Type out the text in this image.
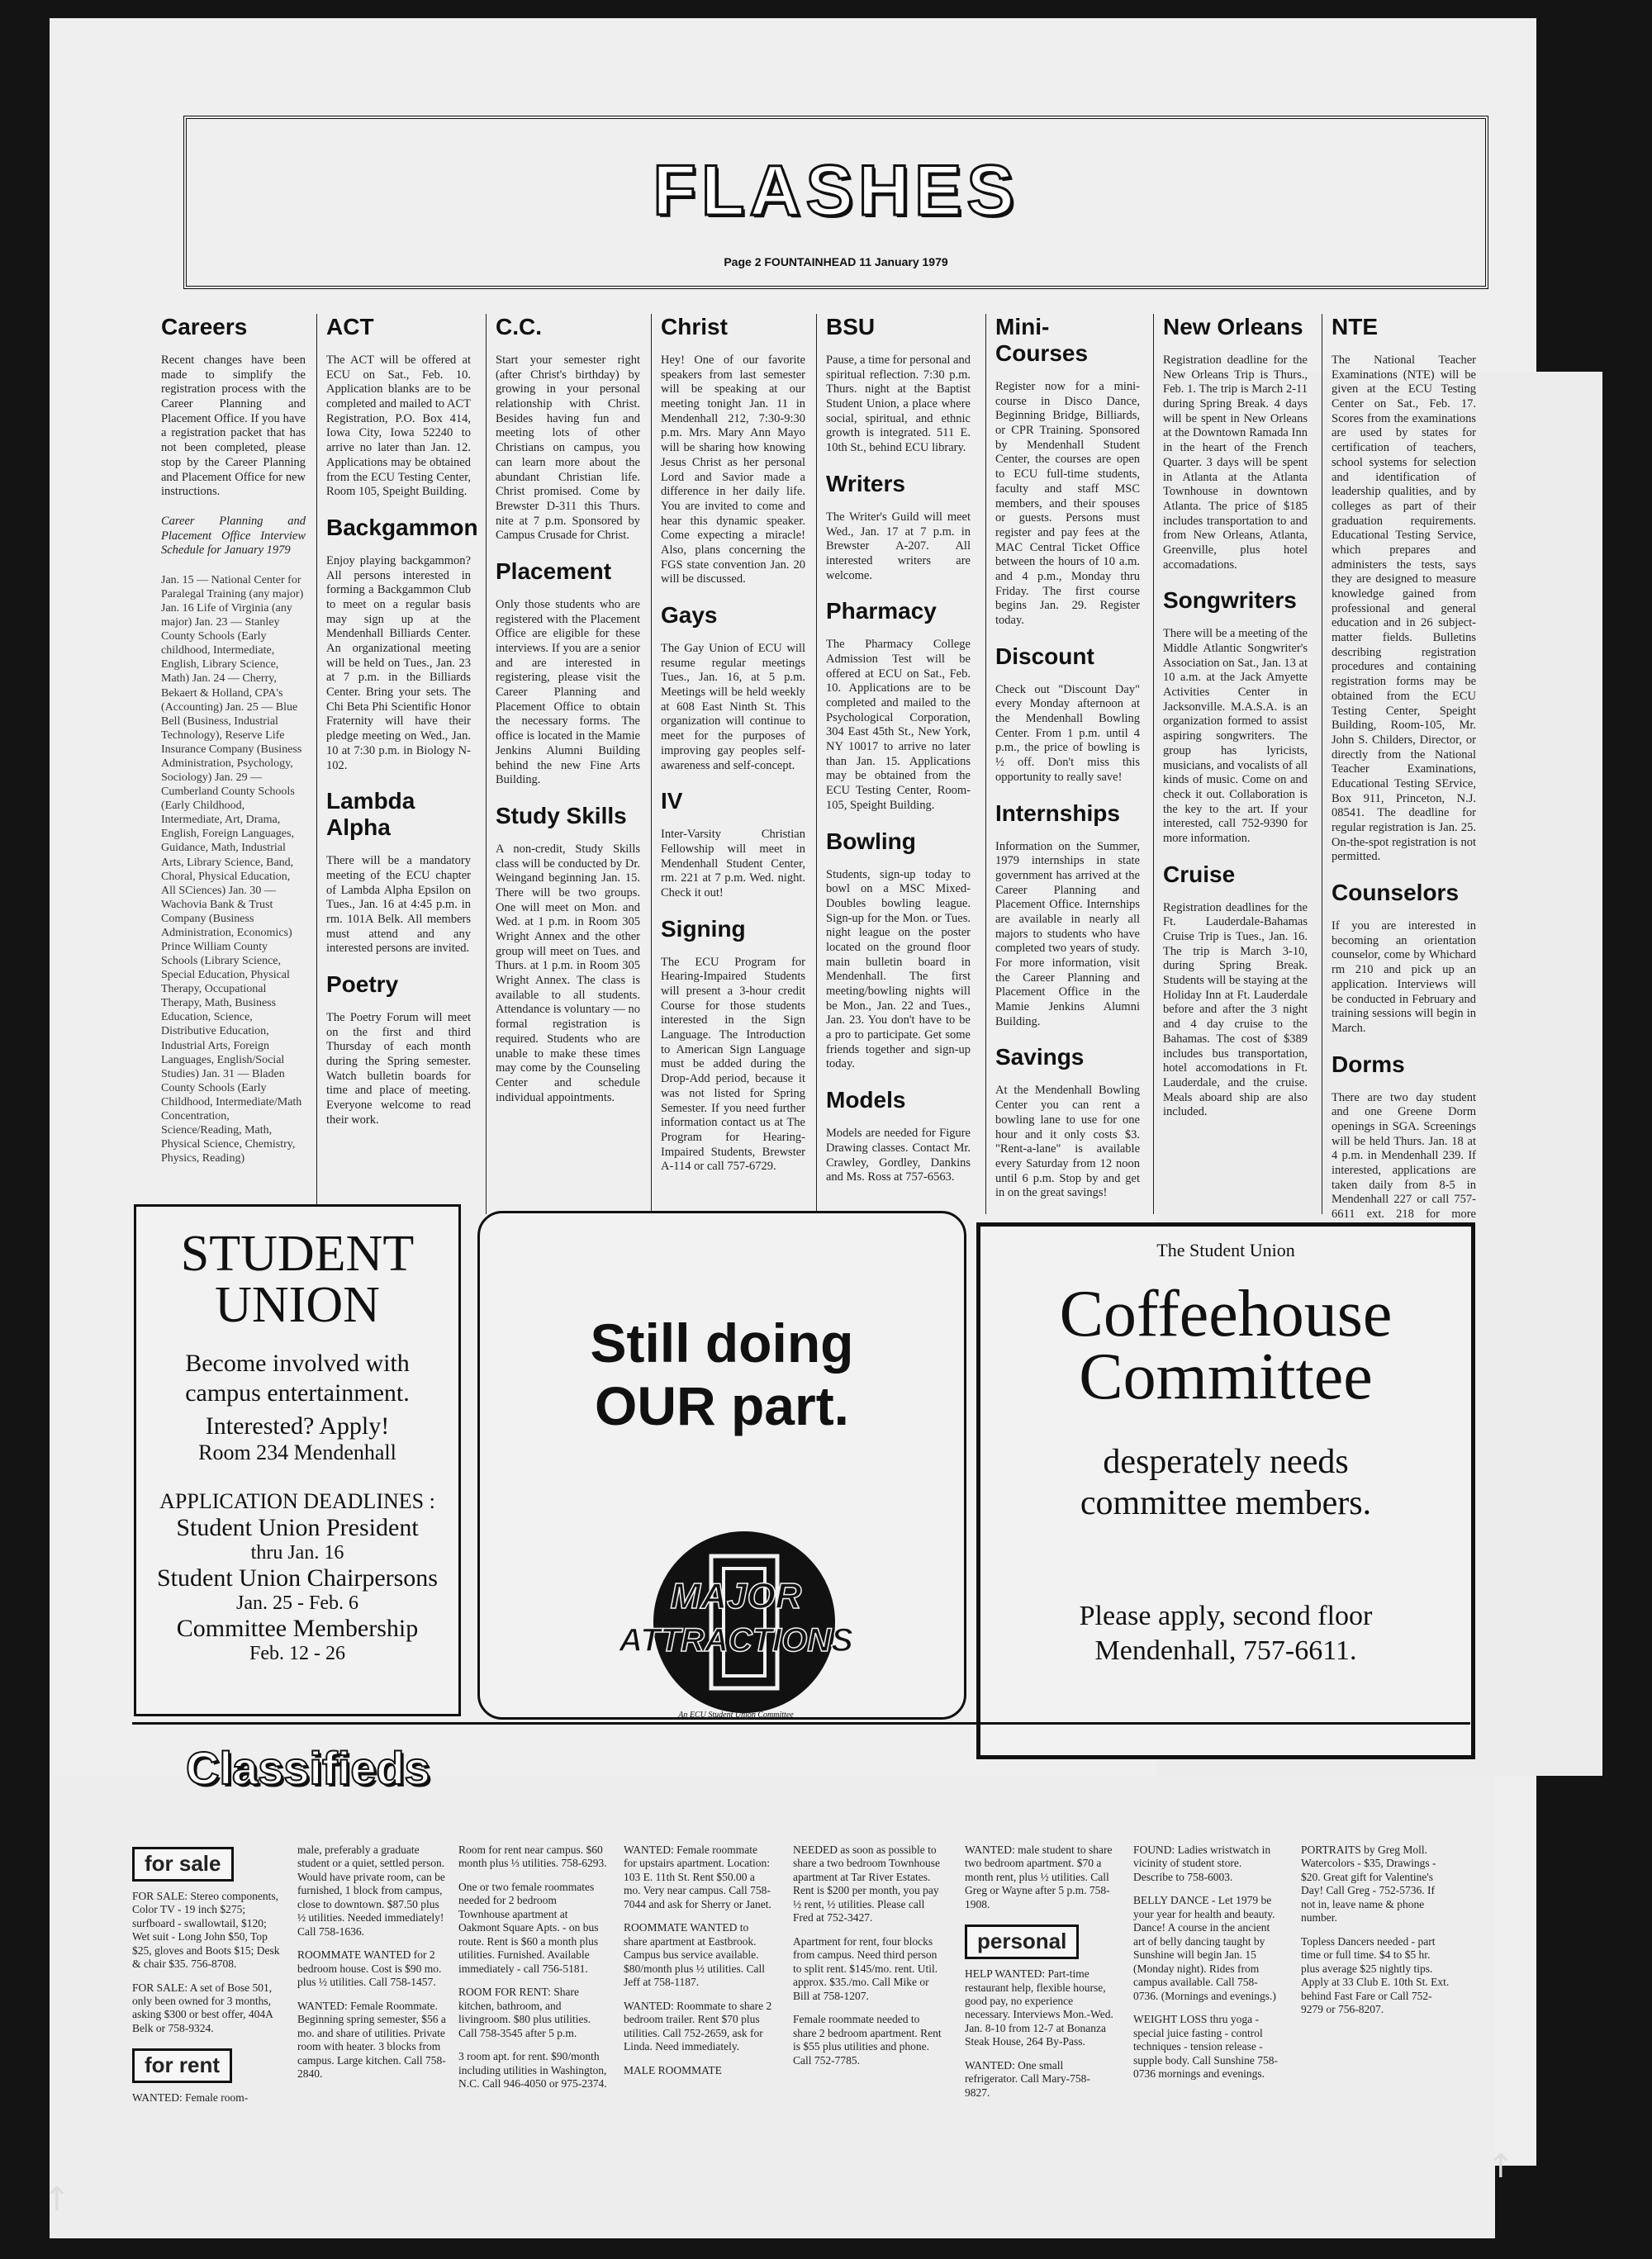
FLASHES
Page 2 FOUNTAINHEAD 11 January 1979
Careers

Recent changes have been made to simplify the registration process with the Career Planning and Placement Office. If you have a registration packet that has not been completed, please stop by the Career Planning and Placement Office for new instructions.

Career Planning and Placement Office Interview Schedule for January 1979

Jan. 15 — National Center for Paralegal Training (any major) Jan. 16 Life of Virginia (any major) Jan. 23 — Stanley County Schools (Early childhood, Intermediate, English, Library Science, Math) Jan. 24 — Cherry, Bekaert & Holland, CPA's (Accounting) Jan. 25 — Blue Bell (Business, Industrial Technology), Reserve Life Insurance Company (Business Administration, Psychology, Sociology) Jan. 29 — Cumberland County Schools (Early Childhood, Intermediate, Art, Drama, English, Foreign Languages, Guidance, Math, Industrial Arts, Library Science, Band, Choral, Physical Education, All SCiences) Jan. 30 — Wachovia Bank & Trust Company (Business Administration, Economics) Prince William County Schools (Library Science, Special Education, Physical Therapy, Occupational Therapy, Math, Business Education, Science, Distributive Education, Industrial Arts, Foreign Languages, English/Social Studies) Jan. 31 — Bladen County Schools (Early Childhood, Intermediate/Math Concentration, Science/Reading, Math, Physical Science, Chemistry, Physics, Reading)

ACT

The ACT will be offered at ECU on Sat., Feb. 10. Application blanks are to be completed and mailed to ACT Registration, P.O. Box 414, Iowa City, Iowa 52240 to arrive no later than Jan. 12. Applications may be obtained from the ECU Testing Center, Room 105, Speight Building.

Backgammon

Enjoy playing backgammon? All persons interested in forming a Backgammon Club to meet on a regular basis may sign up at the Mendenhall Billiards Center. An organizational meeting will be held on Tues., Jan. 23 at 7 p.m. in the Billiards Center. Bring your sets. The Chi Beta Phi Scientific Honor Fraternity will have their pledge meeting on Wed., Jan. 10 at 7:30 p.m. in Biology N-102.

Lambda Alpha

There will be a mandatory meeting of the ECU chapter of Lambda Alpha Epsilon on Tues., Jan. 16 at 4:45 p.m. in rm. 101A Belk. All members must attend and any interested persons are invited.

Poetry

The Poetry Forum will meet on the first and third Thursday of each month during the Spring semester. Watch bulletin boards for time and place of meeting. Everyone welcome to read their work.

C.C.

Start your semester right (after Christ's birthday) by growing in your personal relationship with Christ. Besides having fun and meeting lots of other Christians on campus, you can learn more about the abundant Christian life. Christ promised. Come by Brewster D-311 this Thurs. nite at 7 p.m. Sponsored by Campus Crusade for Christ.

Placement

Only those students who are registered with the Placement Office are eligible for these interviews. If you are a senior and are interested in registering, please visit the Career Planning and Placement Office to obtain the necessary forms. The office is located in the Mamie Jenkins Alumni Building behind the new Fine Arts Building.

Study Skills

A non-credit, Study Skills class will be conducted by Dr. Weingand beginning Jan. 15. There will be two groups. One will meet on Mon. and Wed. at 1 p.m. in Room 305 Wright Annex and the other group will meet on Tues. and Thurs. at 1 p.m. in Room 305 Wright Annex. The class is available to all students. Attendance is voluntary — no formal registration is required. Students who are unable to make these times may come by the Counseling Center and schedule individual appointments.

Christ

Hey! One of our favorite speakers from last semester will be speaking at our meeting tonight Jan. 11 in Mendenhall 212, 7:30-9:30 p.m. Mrs. Mary Ann Mayo will be sharing how knowing Jesus Christ as her personal Lord and Savior made a difference in her daily life. You are invited to come and hear this dynamic speaker. Come expecting a miracle! Also, plans concerning the FGS state convention Jan. 20 will be discussed.

Gays

The Gay Union of ECU will resume regular meetings Tues., Jan. 16, at 5 p.m. Meetings will be held weekly at 608 East Ninth St. This organization will continue to meet for the purposes of improving gay peoples self-awareness and self-concept.

IV

Inter-Varsity Christian Fellowship will meet in Mendenhall Student Center, rm. 221 at 7 p.m. Wed. night. Check it out!

Signing

The ECU Program for Hearing-Impaired Students will present a 3-hour credit Course for those students interested in the Sign Language. The Introduction to American Sign Language must be added during the Drop-Add period, because it was not listed for Spring Semester. If you need further information contact us at The Program for Hearing-Impaired Students, Brewster A-114 or call 757-6729.

BSU

Pause, a time for personal and spiritual reflection. 7:30 p.m. Thurs. night at the Baptist Student Union, a place where social, spiritual, and ethnic growth is integrated. 511 E. 10th St., behind ECU library.

Writers

The Writer's Guild will meet Wed., Jan. 17 at 7 p.m. in Brewster A-207. All interested writers are welcome.

Pharmacy

The Pharmacy College Admission Test will be offered at ECU on Sat., Feb. 10. Applications are to be completed and mailed to the Psychological Corporation, 304 East 45th St., New York, NY 10017 to arrive no later than Jan. 15. Applications may be obtained from the ECU Testing Center, Room-105, Speight Building.

Bowling

Students, sign-up today to bowl on a MSC Mixed-Doubles bowling league. Sign-up for the Mon. or Tues. night league on the poster located on the ground floor main bulletin board in Mendenhall. The first meeting/bowling nights will be Mon., Jan. 22 and Tues., Jan. 23. You don't have to be a pro to participate. Get some friends together and sign-up today.

Models

Models are needed for Figure Drawing classes. Contact Mr. Crawley, Gordley, Dankins and Ms. Ross at 757-6563.

Mini-Courses

Register now for a mini-course in Disco Dance, Beginning Bridge, Billiards, or CPR Training. Sponsored by Mendenhall Student Center, the courses are open to ECU full-time students, faculty and staff MSC members, and their spouses or guests. Persons must register and pay fees at the MAC Central Ticket Office between the hours of 10 a.m. and 4 p.m., Monday thru Friday. The first course begins Jan. 29. Register today.

Discount

Check out "Discount Day" every Monday afternoon at the Mendenhall Bowling Center. From 1 p.m. until 4 p.m., the price of bowling is ½ off. Don't miss this opportunity to really save!

Internships

Information on the Summer, 1979 internships in state government has arrived at the Career Planning and Placement Office. Internships are available in nearly all majors to students who have completed two years of study. For more information, visit the Career Planning and Placement Office in the Mamie Jenkins Alumni Building.

Savings

At the Mendenhall Bowling Center you can rent a bowling lane to use for one hour and it only costs $3. "Rent-a-lane" is available every Saturday from 12 noon until 6 p.m. Stop by and get in on the great savings!

New Orleans

Registration deadline for the New Orleans Trip is Thurs., Feb. 1. The trip is March 2-11 during Spring Break. 4 days will be spent in New Orleans at the Downtown Ramada Inn in the heart of the French Quarter. 3 days will be spent in Atlanta at the Atlanta Townhouse in downtown Atlanta. The price of $185 includes transportation to and from New Orleans, Atlanta, Greenville, plus hotel accomadations.

Songwriters

There will be a meeting of the Middle Atlantic Songwriter's Association on Sat., Jan. 13 at 10 a.m. at the Jack Amyette Activities Center in Jacksonville. M.A.S.A. is an organization formed to assist aspiring songwriters. The group has lyricists, musicians, and vocalists of all kinds of music. Come on and check it out. Collaboration is the key to the art. If your interested, call 752-9390 for more information.

Cruise

Registration deadlines for the Ft. Lauderdale-Bahamas Cruise Trip is Tues., Jan. 16. The trip is March 3-10, during Spring Break. Students will be staying at the Holiday Inn at Ft. Lauderdale before and after the 3 night and 4 day cruise to the Bahamas. The cost of $389 includes bus transportation, hotel accomodations in Ft. Lauderdale, and the cruise. Meals aboard ship are also included.

NTE

The National Teacher Examinations (NTE) will be given at the ECU Testing Center on Sat., Feb. 17. Scores from the examinations are used by states for certification of teachers, school systems for selection and identification of leadership qualities, and by colleges as part of their graduation requirements. Educational Testing Service, which prepares and administers the tests, says they are designed to measure knowledge gained from professional and general education and in 26 subject-matter fields. Bulletins describing registration procedures and containing registration forms may be obtained from the ECU Testing Center, Speight Building, Room-105, Mr. John S. Childers, Director, or directly from the National Teacher Examinations, Educational Testing SErvice, Box 911, Princeton, N.J. 08541. The deadline for regular registration is Jan. 25. On-the-spot registration is not permitted.

Counselors

If you are interested in becoming an orientation counselor, come by Whichard rm 210 and pick up an application. Interviews will be conducted in February and training sessions will begin in March.

Dorms

There are two day student and one Greene Dorm openings in SGA. Screenings will be held Thurs. Jan. 18 at 4 p.m. in Mendenhall 239. If interested, applications are taken daily from 8-5 in Mendenhall 227 or call 757-6611 ext. 218 for more

STUDENT
UNION
Become involved with
campus entertainment.
Interested? Apply!
Room 234 Mendenhall
APPLICATION DEADLINES :
Student Union President
thru Jan. 16
Student Union Chairpersons
Jan. 25 - Feb. 6
Committee Membership
Feb. 12 - 26
Still doing
OUR part.
MAJOR
ATTRACTIONS
An ECU Student Union Committee
The Student Union
Coffeehouse
Committee
desperately needs
committee members.
Please apply, second floor
Mendenhall, 757-6611.
Classifieds
for sale

FOR SALE: Stereo components, Color TV - 19 inch $275; surfboard - swallowtail, $120; Wet suit - Long John $50, Top $25, gloves and Boots $15; Desk & chair $35. 756-8708.

FOR SALE: A set of Bose 501, only been owned for 3 months, asking $300 or best offer, 404A Belk or 758-9324.

for rent

WANTED: Female room-

male, preferably a graduate student or a quiet, settled person. Would have private room, can be furnished, 1 block from campus, close to downtown. $87.50 plus ½ utilities. Needed immediately! Call 758-1636.

ROOMMATE WANTED for 2 bedroom house. Cost is $90 mo. plus ½ utilities. Call 758-1457.

WANTED: Female Roommate. Beginning spring semester, $56 a mo. and share of utilities. Private room with heater. 3 blocks from campus. Large kitchen. Call 758-2840.

Room for rent near campus. $60 month plus ⅓ utilities. 758-6293.

One or two female roommates needed for 2 bedroom Townhouse apartment at Oakmont Square Apts. - on bus route. Rent is $60 a month plus utilities. Furnished. Available immediately - call 756-5181.

ROOM FOR RENT: Share kitchen, bathroom, and livingroom. $80 plus utilities. Call 758-3545 after 5 p.m.

3 room apt. for rent. $90/month including utilities in Washington, N.C. Call 946-4050 or 975-2374.

WANTED: Female roommate for upstairs apartment. Location: 103 E. 11th St. Rent $50.00 a mo. Very near campus. Call 758-7044 and ask for Sherry or Janet.

ROOMMATE WANTED to share apartment at Eastbrook. Campus bus service available. $80/month plus ½ utilities. Call Jeff at 758-1187.

WANTED: Roommate to share 2 bedroom trailer. Rent $70 plus utilities. Call 752-2659, ask for Linda. Need immediately.

MALE ROOMMATE

NEEDED as soon as possible to share a two bedroom Townhouse apartment at Tar River Estates. Rent is $200 per month, you pay ½ rent, ½ utilities. Please call Fred at 752-3427.

Apartment for rent, four blocks from campus. Need third person to split rent. $145/mo. rent. Util. approx. $35./mo. Call Mike or Bill at 758-1207.

Female roommate needed to share 2 bedroom apartment. Rent is $55 plus utilities and phone. Call 752-7785.

WANTED: male student to share two bedroom apartment. $70 a month rent, plus ½ utilities. Call Greg or Wayne after 5 p.m. 758-1908.

personal

HELP WANTED: Part-time restaurant help, flexible hourse, good pay, no experience necessary. Interviews Mon.-Wed. Jan. 8-10 from 12-7 at Bonanza Steak House, 264 By-Pass.

WANTED: One small refrigerator. Call Mary-758-9827.

FOUND: Ladies wristwatch in vicinity of student store. Describe to 758-6003.

BELLY DANCE - Let 1979 be your year for health and beauty. Dance! A course in the ancient art of belly dancing taught by Sunshine will begin Jan. 15 (Monday night). Rides from campus available. Call 758-0736. (Mornings and evenings.)

WEIGHT LOSS thru yoga - special juice fasting - control techniques - tension release - supple body. Call Sunshine 758-0736 mornings and evenings.

PORTRAITS by Greg Moll. Watercolors - $35, Drawings - $20. Great gift for Valentine's Day! Call Greg - 752-5736. If not in, leave name & phone number.

Topless Dancers needed - part time or full time. $4 to $5 hr. plus average $25 nightly tips. Apply at 33 Club E. 10th St. Ext. behind Fast Fare or Call 752-9279 or 756-8207.

↑
↑
